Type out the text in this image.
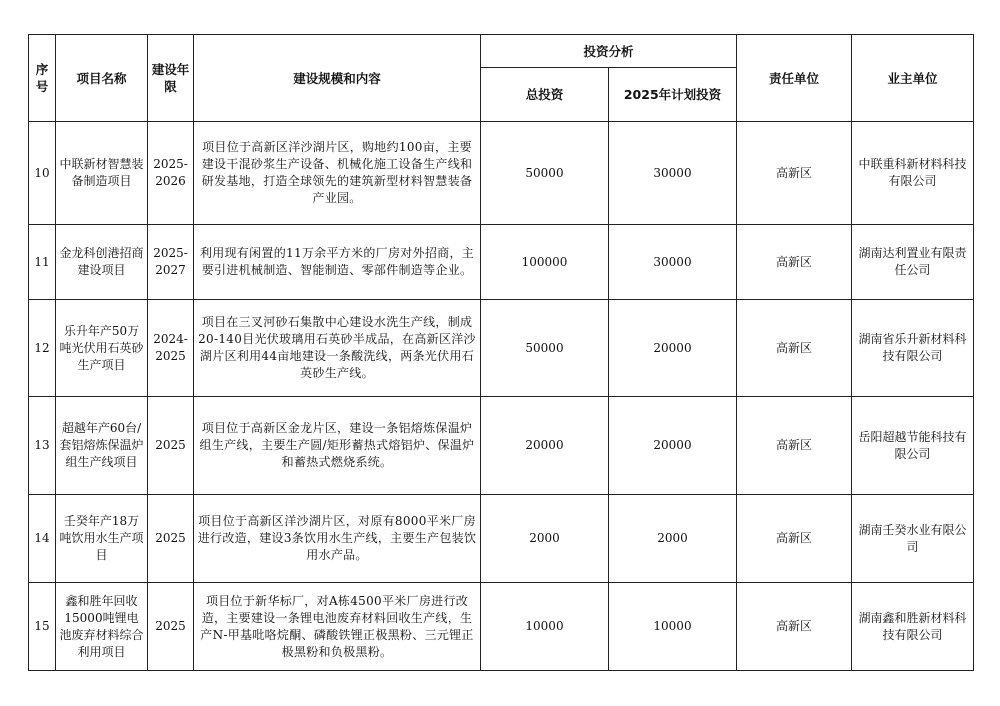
序号	项目名称	建设年限	建设规模和内容	投资分析		责任单位	业主单位
				总投资	2025年计划投资		
10	中联新材智慧装备制造项目	2025-2026	项目位于高新区洋沙湖片区，购地约100亩，主要建设干混砂浆生产设备、机械化施工设备生产线和研发基地，打造全球领先的建筑新型材料智慧装备产业园。	50000	30000	高新区	中联重科新材料科技有限公司
11	金龙科创港招商建设项目	2025-2027	利用现有闲置的11万余平方米的厂房对外招商，主要引进机械制造、智能制造、零部件制造等企业。	100000	30000	高新区	湖南达利置业有限责任公司
12	乐升年产50万吨光伏用石英砂生产项目	2024-2025	项目在三叉河砂石集散中心建设水洗生产线，制成20-140目光伏玻璃用石英砂半成品，在高新区洋沙湖片区利用44亩地建设一条酸洗线，两条光伏用石英砂生产线。	50000	20000	高新区	湖南省乐升新材料科技有限公司
13	超越年产60台/套铝熔炼保温炉组生产线项目	2025	项目位于高新区金龙片区，建设一条铝熔炼保温炉组生产线，主要生产圆/矩形蓄热式熔铝炉、保温炉和蓄热式燃烧系统。	20000	20000	高新区	岳阳超越节能科技有限公司
14	壬癸年产18万吨饮用水生产项目	2025	项目位于高新区洋沙湖片区，对原有8000平米厂房进行改造，建设3条饮用水生产线，主要生产包装饮用水产品。	2000	2000	高新区	湖南壬癸水业有限公司
15	鑫和胜年回收15000吨锂电池废弃材料综合利用项目	2025	项目位于新华标厂，对A栋4500平米厂房进行改造，主要建设一条锂电池废弃材料回收生产线，生产N-甲基吡咯烷酮、磷酸铁锂正极黑粉、三元锂正极黑粉和负极黑粉。	10000	10000	高新区	湖南鑫和胜新材料科技有限公司
